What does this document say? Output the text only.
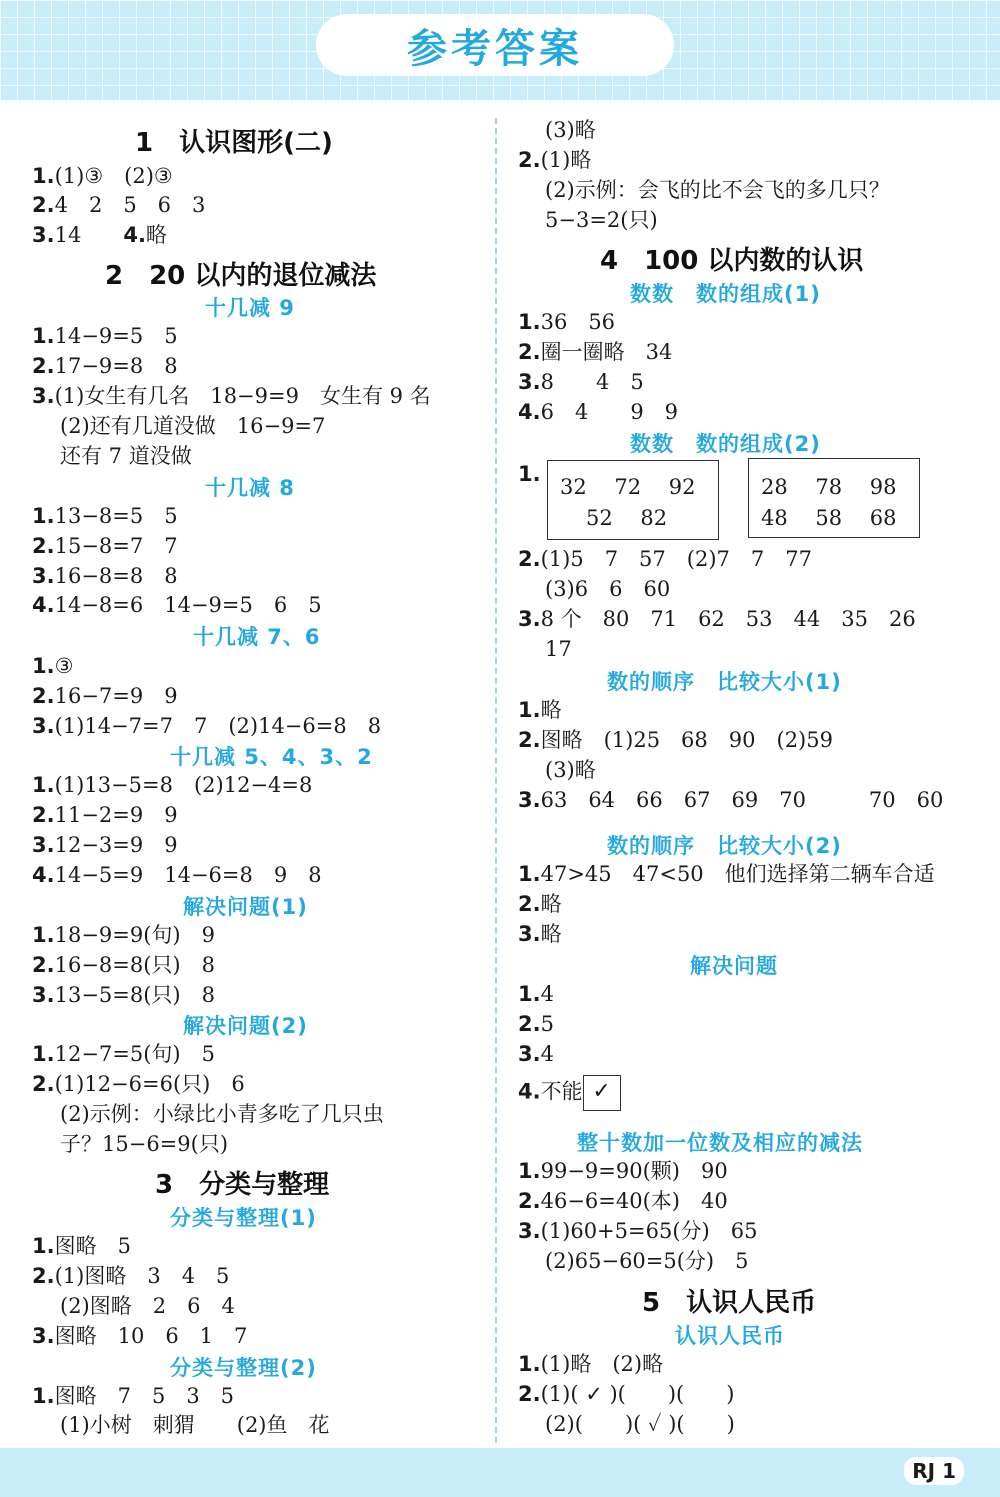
参考答案
RJ 1
1　认识图形(二)
1.(1)③　(2)③
2.4　2　5　6　3
3.14　　4.略
2　20 以内的退位减法
十几减 9
1.14−9=5　5
2.17−9=8　8
3.(1)女生有几名　18−9=9　女生有 9 名
(2)还有几道没做　16−9=7
还有 7 道没做
十几减 8
1.13−8=5　5
2.15−8=7　7
3.16−8=8　8
4.14−8=6　14−9=5　6　5
十几减 7、6
1.③
2.16−7=9　9
3.(1)14−7=7　7　(2)14−6=8　8
十几减 5、4、3、2
1.(1)13−5=8　(2)12−4=8
2.11−2=9　9
3.12−3=9　9
4.14−5=9　14−6=8　9　8
解决问题(1)
1.18−9=9(句)　9
2.16−8=8(只)　8
3.13−5=8(只)　8
解决问题(2)
1.12−7=5(句)　5
2.(1)12−6=6(只)　6
(2)示例：小绿比小青多吃了几只虫
子？15−6=9(只)
3　分类与整理
分类与整理(1)
1.图略　5
2.(1)图略　3　4　5
(2)图略　2　6　4
3.图略　10　6　1　7
分类与整理(2)
1.图略　7　5　3　5
(1)小树　刺猬　　(2)鱼　花
(3)略
2.(1)略
(2)示例：会飞的比不会飞的多几只？
5−3=2(只)
4　100 以内数的认识
数数　数的组成(1)
1.36　56
2.圈一圈略　34
3.8　　4　5
4.6　4　　9　9
数数　数的组成(2)
1.
32　 72　 92
52　 82
28　 78　 98
48　 58　 68
2.(1)5　7　57　(2)7　7　77
(3)6　6　60
3.8 个　80　71　62　53　44　35　26
17
数的顺序　比较大小(1)
1.略
2.图略　(1)25　68　90　(2)59
(3)略
3.63　64　66　67　69　70　　　70　60
数的顺序　比较大小(2)
1.47>45　47<50　他们选择第二辆车合适
2.略
3.略
解决问题
1.4
2.5
3.4
4.不能 ✓
整十数加一位数及相应的减法
1.99−9=90(颗)　90
2.46−6=40(本)　40
3.(1)60+5=65(分)　65
(2)65−60=5(分)　5
5　认识人民币
认识人民币
1.(1)略　(2)略
2.(1)( ✓ )(　　)(　　)
(2)(　　)( ✓ )(　　)
